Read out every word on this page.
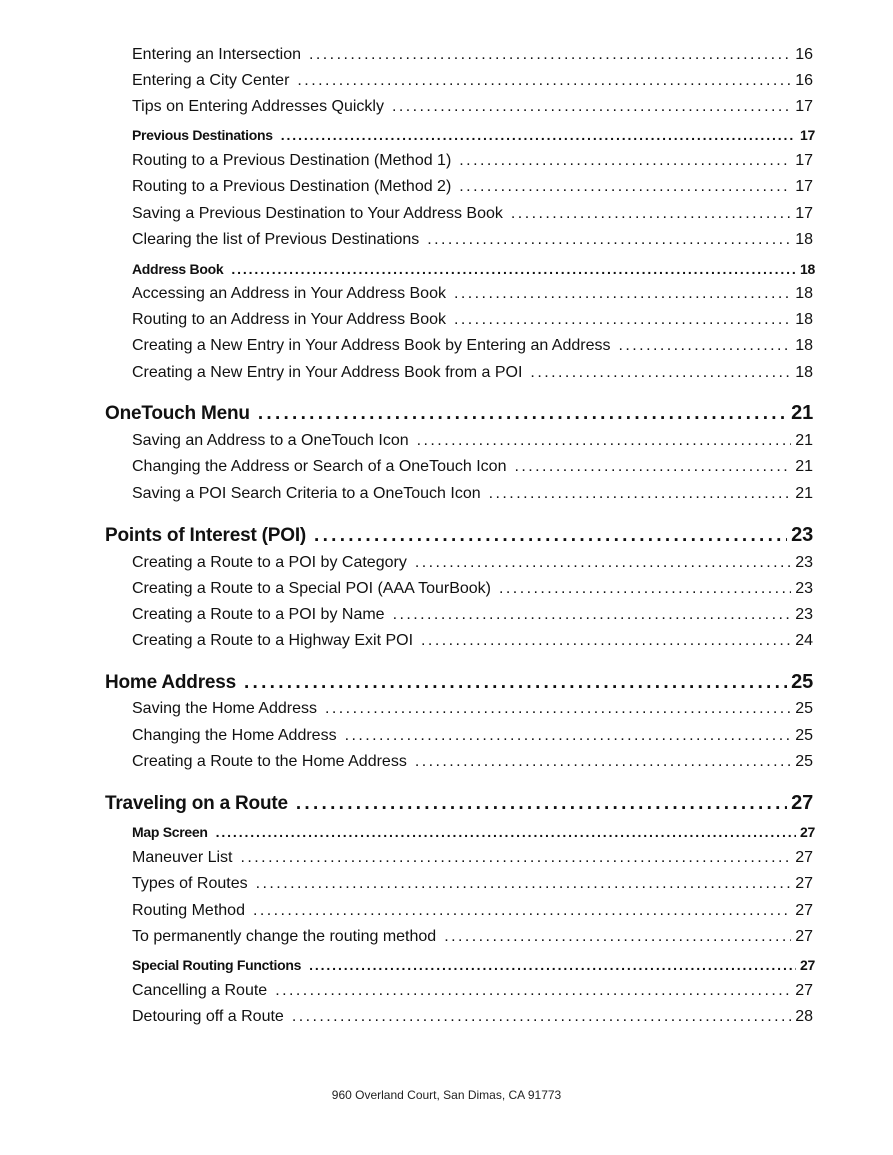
Entering an Intersection . . .	16
Entering a City Center . . .	16
Tips on Entering Addresses Quickly . . .	17
Previous Destinations . . .	17
Routing to a Previous Destination (Method 1) . . .	17
Routing to a Previous Destination (Method 2) . . .	17
Saving a Previous Destination to Your Address Book . . .	17
Clearing the list of Previous Destinations . . .	18
Address Book . . .	18
Accessing an Address in Your Address Book . . .	18
Routing to an Address in Your Address Book . . .	18
Creating a New Entry in Your Address Book by Entering an Address . . .	18
Creating a New Entry in Your Address Book from a POI . . .	18
OneTouch Menu . . .	21
Saving an Address to a OneTouch Icon . . .	21
Changing the Address or Search of a OneTouch Icon . . .	21
Saving a POI Search Criteria to a OneTouch Icon . . .	21
Points of Interest (POI) . . .	23
Creating a Route to a POI by Category . . .	23
Creating a Route to a Special POI (AAA TourBook) . . .	23
Creating a Route to a POI by Name . . .	23
Creating a Route to a Highway Exit POI . . .	24
Home Address . . .	25
Saving the Home Address . . .	25
Changing the Home Address . . .	25
Creating a Route to the Home Address . . .	25
Traveling on a Route . . .	27
Map Screen . . .	27
Maneuver List . . .	27
Types of Routes . . .	27
Routing Method . . .	27
To permanently change the routing method . . .	27
Special Routing Functions . . .	27
Cancelling a Route . . .	27
Detouring off a Route . . .	28
960 Overland Court, San Dimas, CA 91773
